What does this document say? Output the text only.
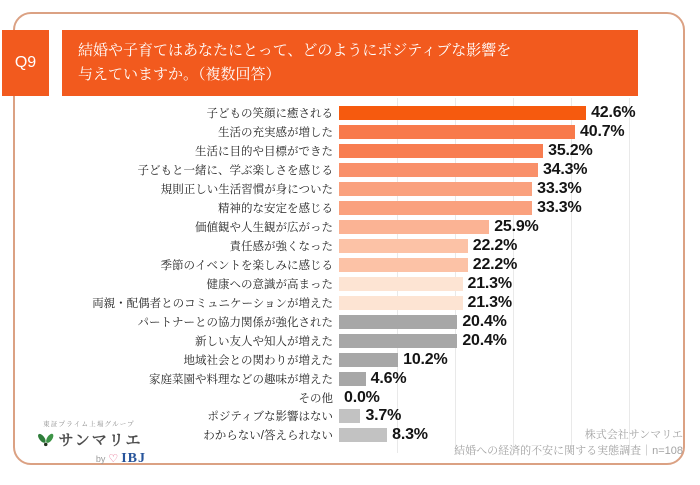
Q9
結婚や子育てはあなたにとって、どのようにポジティブな影響を
与えていますか。（複数回答）
子どもの笑顔に癒される	42.6%
生活の充実感が増した	40.7%
生活に目的や目標ができた	35.2%
子どもと一緒に、学ぶ楽しさを感じる	34.3%
規則正しい生活習慣が身についた	33.3%
精神的な安定を感じる	33.3%
価値観や人生観が広がった	25.9%
責任感が強くなった	22.2%
季節のイベントを楽しみに感じる	22.2%
健康への意識が高まった	21.3%
両親・配偶者とのコミュニケーションが増えた	21.3%
パートナーとの協力関係が強化された	20.4%
新しい友人や知人が増えた	20.4%
地域社会との関わりが増えた	10.2%
家庭菜園や料理などの趣味が増えた	4.6%
その他 0.0%
ポジティブな影響はない	3.7%
わからない/答えられない	8.3%
東証プライム上場グループ
サンマリエ
by ♡ IBJ
株式会社サンマリエ
結婚への経済的不安に関する実態調査｜n=108
